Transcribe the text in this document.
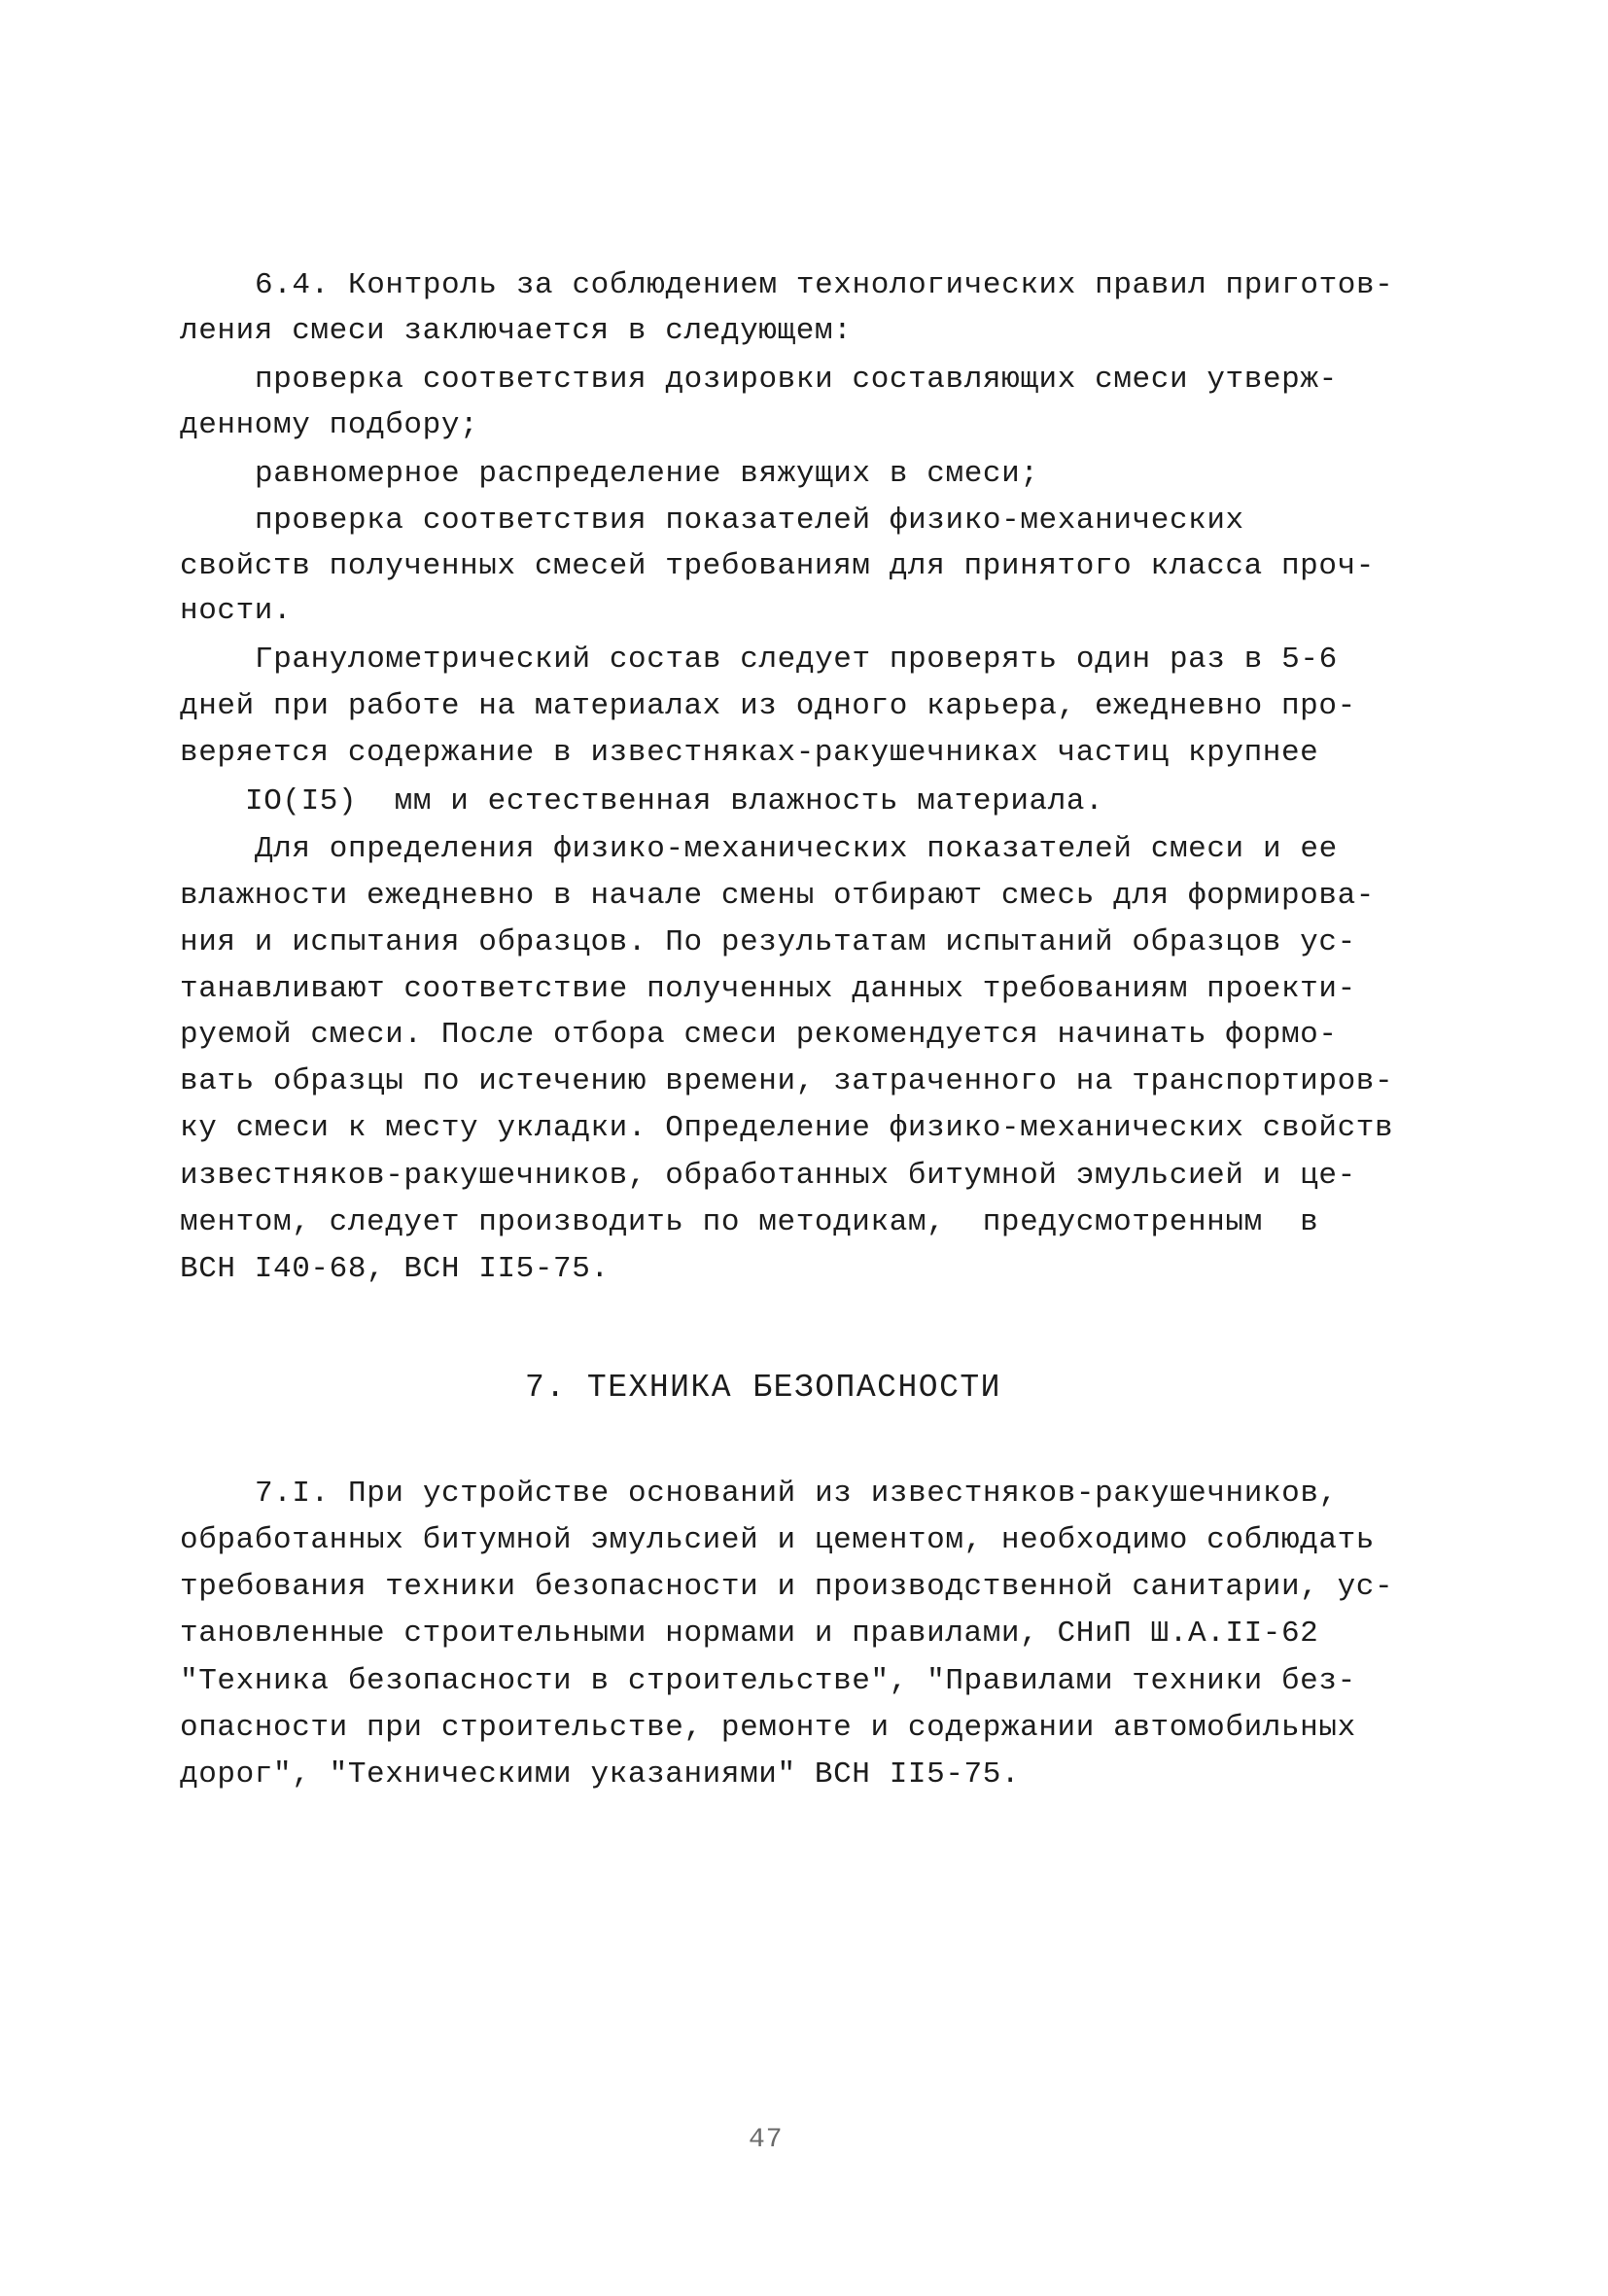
6.4. Контроль за соблюдением технологических правил приготов-
ления смеси заключается в следующем:
проверка соответствия дозировки составляющих смеси утверж-
денному подбору;
равномерное распределение вяжущих в смеси;
проверка соответствия показателей физико-механических
свойств полученных смесей требованиям для принятого класса проч-
ности.
Гранулометрический состав следует проверять один раз в 5-6
дней при работе на материалах из одного карьера, ежедневно про-
веряется содержание в известняках-ракушечниках частиц крупнее
IO(I5)  мм и естественная влажность материала.
Для определения физико-механических показателей смеси и ее
влажности ежедневно в начале смены отбирают смесь для формирова-
ния и испытания образцов. По результатам испытаний образцов ус-
танавливают соответствие полученных данных требованиям проекти-
руемой смеси. После отбора смеси рекомендуется начинать формо-
вать образцы по истечению времени, затраченного на транспортиров-
ку смеси к месту укладки. Определение физико-механических свойств
известняков-ракушечников, обработанных битумной эмульсией и це-
ментом, следует производить по методикам,  предусмотренным  в
ВСН I40-68, ВСН II5-75.
7. ТЕХНИКА БЕЗОПАСНОСТИ
7.I. При устройстве оснований из известняков-ракушечников,
обработанных битумной эмульсией и цементом, необходимо соблюдать
требования техники безопасности и производственной санитарии, ус-
тановленные строительными нормами и правилами, СНиП Ш.А.II-62
"Техника безопасности в строительстве", "Правилами техники без-
опасности при строительстве, ремонте и содержании автомобильных
дорог", "Техническими указаниями" ВСН II5-75.
47
